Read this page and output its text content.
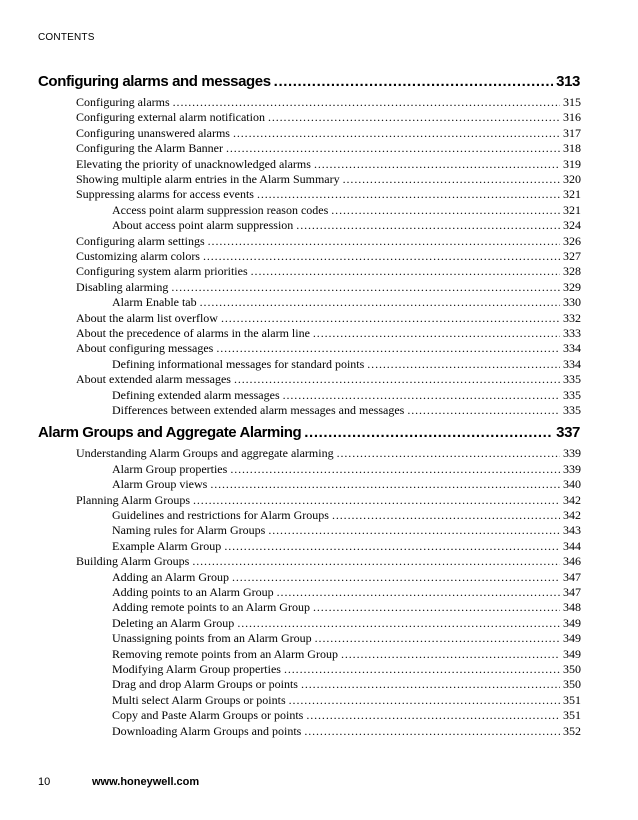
CONTENTS
Configuring alarms and messages .....	313
Configuring alarms .....	315
Configuring external alarm notification .....	316
Configuring unanswered alarms .....	317
Configuring the Alarm Banner .....	318
Elevating the priority of unacknowledged alarms .....	319
Showing multiple alarm entries in the Alarm Summary .....	320
Suppressing alarms for access events .....	321
Access point alarm suppression reason codes .....	321
About access point alarm suppression .....	324
Configuring alarm settings .....	326
Customizing alarm colors .....	327
Configuring system alarm priorities .....	328
Disabling alarming .....	329
Alarm Enable tab .....	330
About the alarm list overflow .....	332
About the precedence of alarms in the alarm line .....	333
About configuring messages .....	334
Defining informational messages for standard points .....	334
About extended alarm messages .....	335
Defining extended alarm messages .....	335
Differences between extended alarm messages and messages .....	335
Alarm Groups and Aggregate Alarming .....	337
Understanding Alarm Groups and aggregate alarming .....	339
Alarm Group properties .....	339
Alarm Group views .....	340
Planning Alarm Groups .....	342
Guidelines and restrictions for Alarm Groups .....	342
Naming rules for Alarm Groups .....	343
Example Alarm Group .....	344
Building Alarm Groups .....	346
Adding an Alarm Group .....	347
Adding points to an Alarm Group .....	347
Adding remote points to an Alarm Group .....	348
Deleting an Alarm Group .....	349
Unassigning points from an Alarm Group .....	349
Removing remote points from an Alarm Group .....	349
Modifying Alarm Group properties .....	350
Drag and drop Alarm Groups or points .....	350
Multi select Alarm Groups or points .....	351
Copy and Paste Alarm Groups or points .....	351
Downloading Alarm Groups and points .....	352
10	www.honeywell.com
